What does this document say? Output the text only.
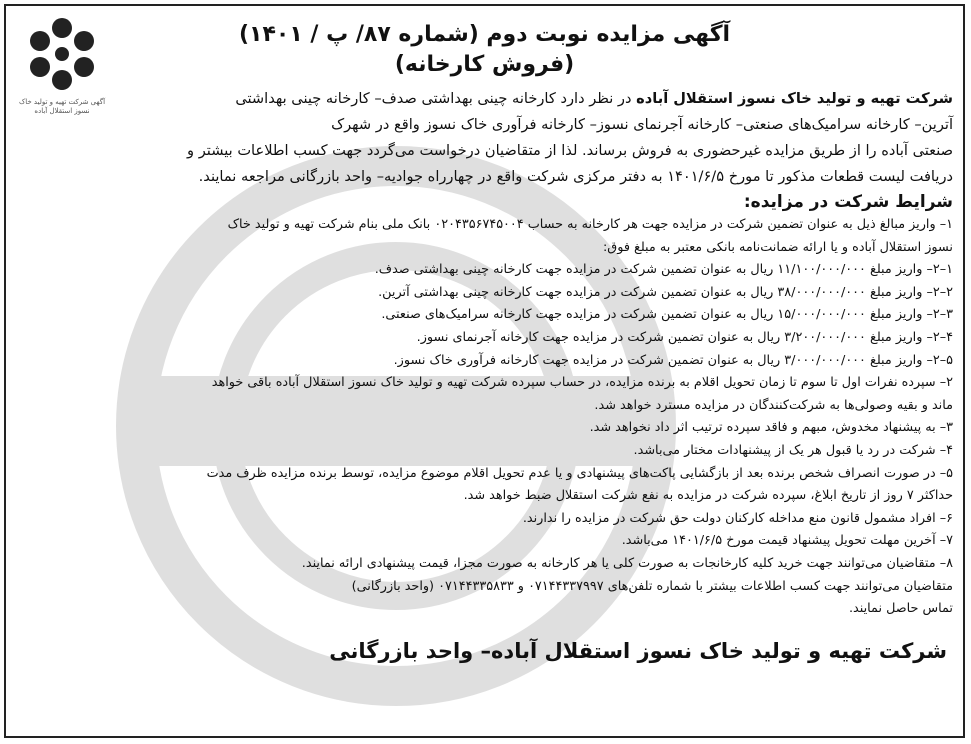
آگهی شرکت تهیه و تولید خاک نسوز استقلال آباده
آگهی مزایده نوبت دوم (شماره ۸۷/ پ / ۱۴۰۱)
(فروش کارخانه)

شرکت تهیه و تولید خاک نسوز استقلال آباده در نظر دارد کارخانه چینی بهداشتی صدف– کارخانه چینی بهداشتی

آترین– کارخانه سرامیک‌های صنعتی– کارخانه آجرنمای نسوز– کارخانه فرآوری خاک نسوز واقع در شهرک

صنعتی آباده را از طریق مزایده غیرحضوری به فروش برساند. لذا از متقاضیان درخواست می‌گردد جهت کسب اطلاعات بیشتر و

دریافت لیست قطعات مذکور تا مورخ ۱۴۰۱/۶/۵ به دفتر مرکزی شرکت واقع در چهارراه جوادیه– واحد بازرگانی مراجعه نمایند.

شرایط شرکت در مزایده:
۱– واریز مبالغ ذیل به عنوان تضمین شرکت در مزایده جهت هر کارخانه به حساب ۰۲۰۴۳۵۶۷۴۵۰۰۴ بانک ملی بنام شرکت تهیه و تولید خاک
نسوز استقلال آباده و یا ارائه ضمانت‌نامه بانکی معتبر به مبلغ فوق:
۱–۲– واریز مبلغ ۱۱/۱۰۰/۰۰۰/۰۰۰ ریال به عنوان تضمین شرکت در مزایده جهت کارخانه چینی بهداشتی صدف.
۲–۲– واریز مبلغ ۳۸/۰۰۰/۰۰۰/۰۰۰ ریال به عنوان تضمین شرکت در مزایده جهت کارخانه چینی بهداشتی آترین.
۳–۲– واریز مبلغ ۱۵/۰۰۰/۰۰۰/۰۰۰ ریال به عنوان تضمین شرکت در مزایده جهت کارخانه سرامیک‌های صنعتی.
۴–۲– واریز مبلغ ۳/۲۰۰/۰۰۰/۰۰۰ ریال به عنوان تضمین شرکت در مزایده جهت کارخانه آجرنمای نسوز.
۵–۲– واریز مبلغ ۳/۰۰۰/۰۰۰/۰۰۰ ریال به عنوان تضمین شرکت در مزایده جهت کارخانه فرآوری خاک نسوز.
۲– سپرده نفرات اول تا سوم تا زمان تحویل اقلام به برنده مزایده، در حساب سپرده شرکت تهیه و تولید خاک نسوز استقلال آباده باقی خواهد
ماند و بقیه وصولی‌ها به شرکت‌کنندگان در مزایده مسترد خواهد شد.
۳– به پیشنهاد مخدوش، مبهم و فاقد سپرده ترتیب اثر داد نخواهد شد.
۴– شرکت در رد یا قبول هر یک از پیشنهادات مختار می‌باشد.
۵– در صورت انصراف شخص برنده بعد از بازگشایی پاکت‌های پیشنهادی و یا عدم تحویل اقلام موضوع مزایده، توسط برنده مزایده ظرف مدت
حداکثر ۷ روز از تاریخ ابلاغ، سپرده شرکت در مزایده به نفع شرکت استقلال ضبط خواهد شد.
۶– افراد مشمول قانون منع مداخله کارکنان دولت حق شرکت در مزایده را ندارند.
۷– آخرین مهلت تحویل پیشنهاد قیمت مورخ ۱۴۰۱/۶/۵ می‌باشد.
۸– متقاضیان می‌توانند جهت خرید کلیه کارخانجات به صورت کلی یا هر کارخانه به صورت مجزا، قیمت پیشنهادی ارائه نمایند.
متقاضیان می‌توانند جهت کسب اطلاعات بیشتر با شماره تلفن‌های ۰۷۱۴۴۳۳۷۹۹۷ و ۰۷۱۴۴۳۳۵۸۳۳ (واحد بازرگانی)
تماس حاصل نمایند.
شرکت تهیه و تولید خاک نسوز استقلال آباده– واحد بازرگانی
